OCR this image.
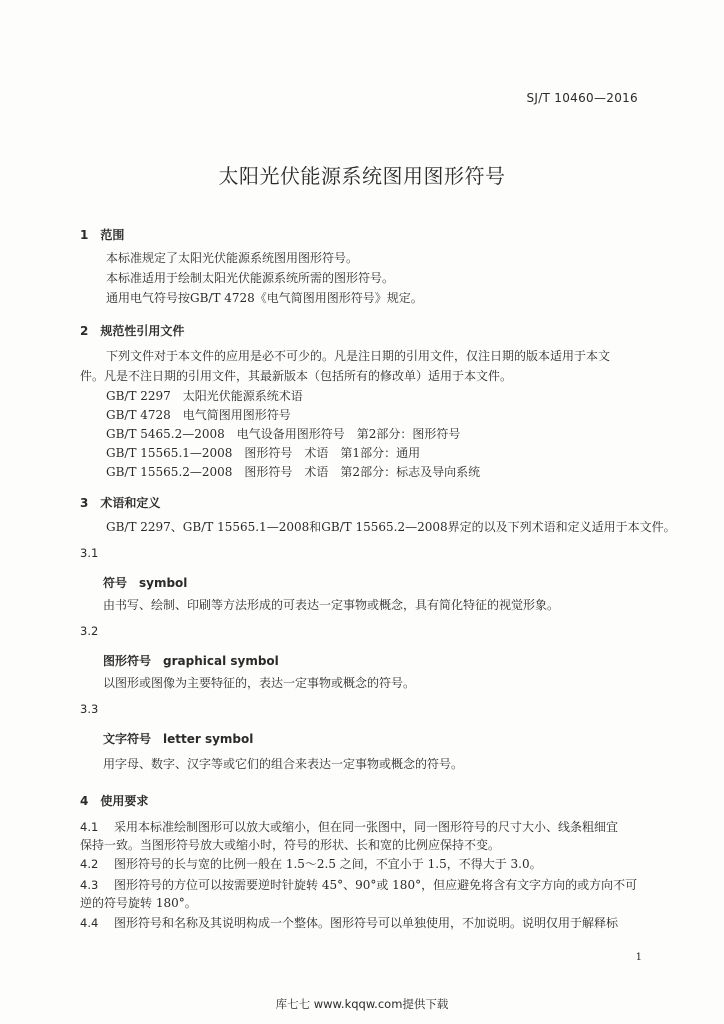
SJ/T 10460—2016
太阳光伏能源系统图用图形符号
1　范围
本标准规定了太阳光伏能源系统图用图形符号。
本标准适用于绘制太阳光伏能源系统所需的图形符号。
通用电气符号按GB/T 4728《电气简图用图形符号》规定。
2　规范性引用文件
下列文件对于本文件的应用是必不可少的。凡是注日期的引用文件，仅注日期的版本适用于本文
件。凡是不注日期的引用文件，其最新版本（包括所有的修改单）适用于本文件。
GB/T 2297　太阳光伏能源系统术语
GB/T 4728　电气简图用图形符号
GB/T 5465.2—2008　电气设备用图形符号　第2部分：图形符号
GB/T 15565.1—2008　图形符号　术语　第1部分：通用
GB/T 15565.2—2008　图形符号　术语　第2部分：标志及导向系统
3　术语和定义
GB/T 2297、GB/T 15565.1—2008和GB/T 15565.2—2008界定的以及下列术语和定义适用于本文件。
3.1
符号　symbol
由书写、绘制、印刷等方法形成的可表达一定事物或概念，具有简化特征的视觉形象。
3.2
图形符号　graphical symbol
以图形或图像为主要特征的，表达一定事物或概念的符号。
3.3
文字符号　letter symbol
用字母、数字、汉字等或它们的组合来表达一定事物或概念的符号。
4　使用要求
4.1 采用本标准绘制图形可以放大或缩小，但在同一张图中，同一图形符号的尺寸大小、线条粗细宜
保持一致。当图形符号放大或缩小时，符号的形状、长和宽的比例应保持不变。
4.2 图形符号的长与宽的比例一般在 1.5～2.5 之间，不宜小于 1.5，不得大于 3.0。
4.3 图形符号的方位可以按需要逆时针旋转 45°、90°或 180°，但应避免将含有文字方向的或方向不可
逆的符号旋转 180°。
4.4 图形符号和名称及其说明构成一个整体。图形符号可以单独使用，不加说明。说明仅用于解释标
1
库七七 www.kqqw.com提供下载
